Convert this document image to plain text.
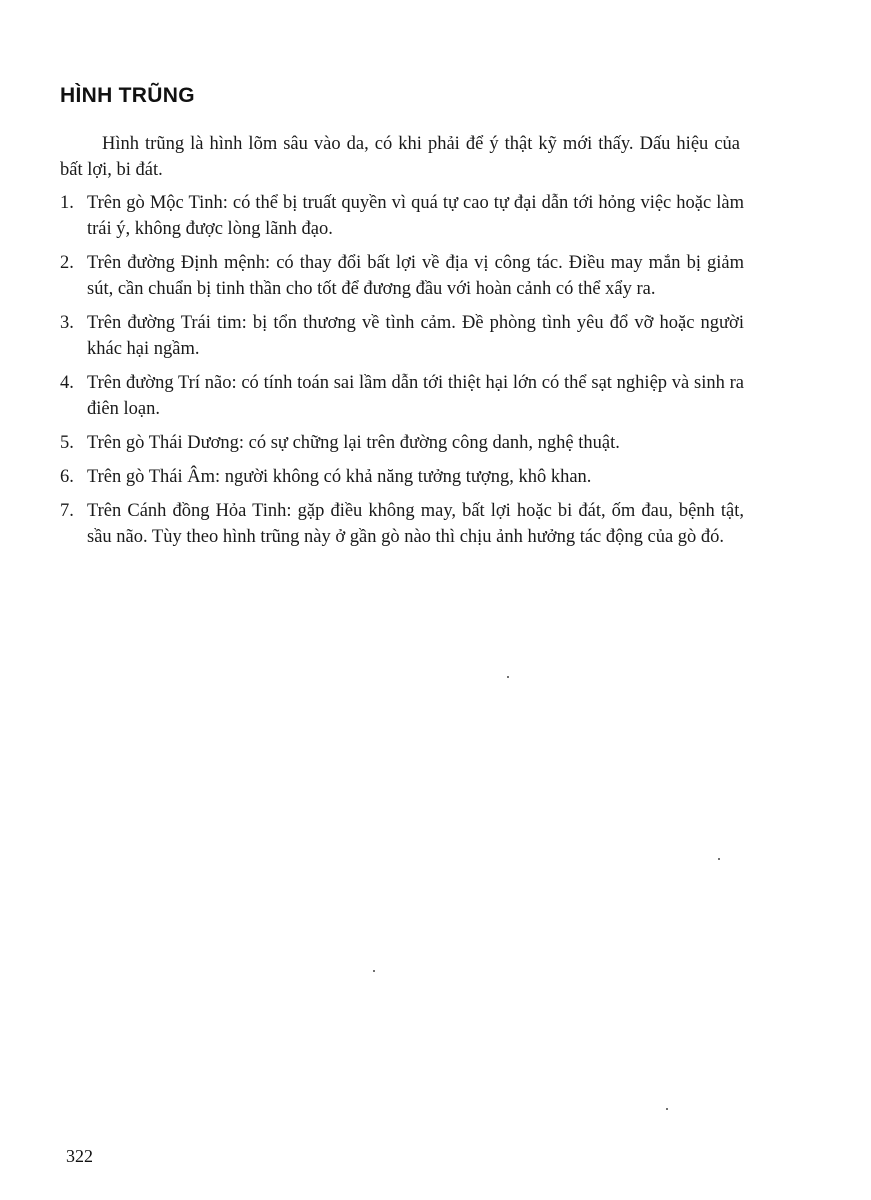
HÌNH TRŨNG

Hình trũng là hình lõm sâu vào da, có khi phải để ý thật kỹ mới thấy. Dấu hiệu của bất lợi, bi đát.

1. Trên gò Mộc Tinh: có thể bị truất quyền vì quá tự cao tự đại dẫn tới hỏng việc hoặc làm trái ý, không được lòng lãnh đạo.
2. Trên đường Định mệnh: có thay đổi bất lợi về địa vị công tác. Điều may mắn bị giảm sút, cần chuẩn bị tinh thần cho tốt để đương đầu với hoàn cảnh có thể xẩy ra.
3. Trên đường Trái tim: bị tổn thương về tình cảm. Đề phòng tình yêu đổ vỡ hoặc người khác hại ngầm.
4. Trên đường Trí não: có tính toán sai lầm dẫn tới thiệt hại lớn có thể sạt nghiệp và sinh ra điên loạn.
5. Trên gò Thái Dương: có sự chững lại trên đường công danh, nghệ thuật.
6. Trên gò Thái Âm: người không có khả năng tưởng tượng, khô khan.
7. Trên Cánh đồng Hỏa Tinh: gặp điều không may, bất lợi hoặc bi đát, ốm đau, bệnh tật, sầu não. Tùy theo hình trũng này ở gần gò nào thì chịu ảnh hưởng tác động của gò đó.
322
